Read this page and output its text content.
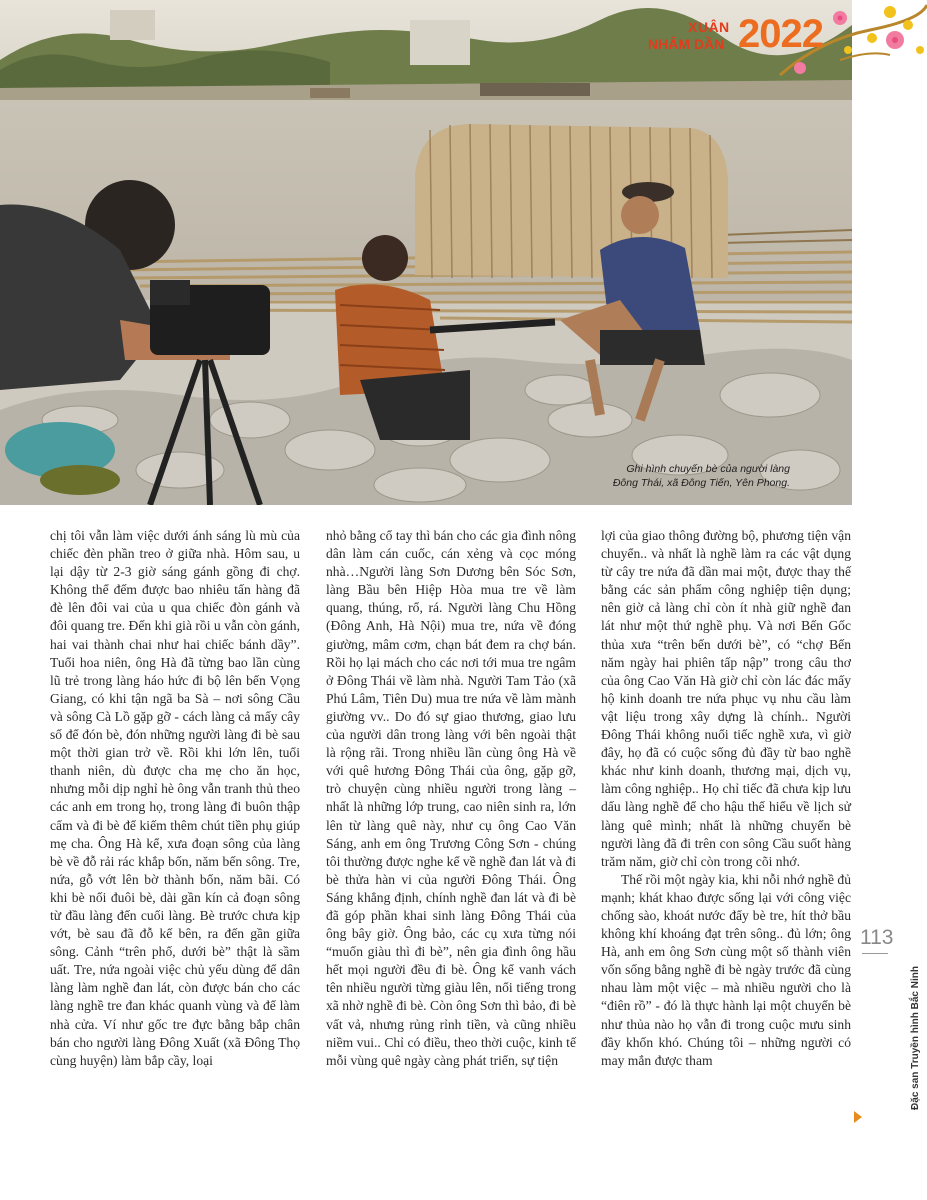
Ghi hình chuyến bè của người làng
Đông Thái, xã Đông Tiến, Yên Phong.
XUÂN
NHÂM DẦN 2022

chị tôi vẫn làm việc dưới ánh sáng lù mù của chiếc đèn phần treo ở giữa nhà. Hôm sau, u lại dậy từ 2-3 giờ sáng gánh gồng đi chợ. Không thể đếm được bao nhiêu tấn hàng đã đè lên đôi vai của u qua chiếc đòn gánh và đôi quang tre. Đến khi già rồi u vẫn còn gánh, hai vai thành chai như hai chiếc bánh dầy”. Tuổi hoa niên, ông Hà đã từng bao lần cùng lũ trẻ trong làng háo hức đi bộ lên bến Vọng Giang, có khi tận ngã ba Sà – nơi sông Cầu và sông Cà Lồ gặp gỡ - cách làng cả mấy cây số để đón bè, đón những người làng đi bè sau một thời gian trở về. Rồi khi lớn lên, tuổi thanh niên, dù được cha mẹ cho ăn học, nhưng mỗi dịp nghỉ hè ông vẫn tranh thủ theo các anh em trong họ, trong làng đi buôn thập cẩm và đi bè để kiếm thêm chút tiền phụ giúp mẹ cha. Ông Hà kể, xưa đoạn sông của làng bè về đỗ rải rác khắp bốn, năm bến sông. Tre, nứa, gỗ vớt lên bờ thành bốn, năm bãi. Có khi bè nối đuôi bè, dài gần kín cả đoạn sông từ đầu làng đến cuối làng. Bè trước chưa kịp vớt, bè sau đã đỗ kế bên, ra đến gần giữa sông. Cảnh “trên phố, dưới bè” thật là sầm uất. Tre, nứa ngoài việc chủ yếu dùng để dân làng làm nghề đan lát, còn được bán cho các làng nghề tre đan khác quanh vùng và để làm nhà cửa. Ví như gốc tre đực bằng bắp chân bán cho người làng Đông Xuất (xã Đông Thọ cùng huyện) làm bắp cầy, loại

nhỏ bằng cổ tay thì bán cho các gia đình nông dân làm cán cuốc, cán xẻng và cọc móng nhà…Người làng Sơn Dương bên Sóc Sơn, làng Bầu bên Hiệp Hòa mua tre về làm quang, thúng, rổ, rá. Người làng Chu Hồng (Đông Anh, Hà Nội) mua tre, nứa về đóng giường, mâm cơm, chạn bát đem ra chợ bán. Rồi họ lại mách cho các nơi tới mua tre ngâm ở Đông Thái về làm nhà. Người Tam Tảo (xã Phú Lâm, Tiên Du) mua tre nứa về làm mành giường vv.. Do đó sự giao thương, giao lưu của người dân trong làng với bên ngoài thật là rộng rãi. Trong nhiều lần cùng ông Hà về với quê hương Đông Thái của ông, gặp gỡ, trò chuyện cùng nhiều người trong làng – nhất là những lớp trung, cao niên sinh ra, lớn lên từ làng quê này, như cụ ông Cao Văn Sáng, anh em ông Trương Công Sơn - chúng tôi thường được nghe kể về nghề đan lát và đi bè thửa hàn vi của người Đông Thái. Ông Sáng khẳng định, chính nghề đan lát và đi bè đã góp phần khai sinh làng Đông Thái của ông bây giờ. Ông bảo, các cụ xưa từng nói “muốn giàu thì đi bè”, nên gia đình ông hầu hết mọi người đều đi bè. Ông kể vanh vách tên nhiều người từng giàu lên, nổi tiếng trong xã nhờ nghề đi bè. Còn ông Sơn thì bảo, đi bè vất vả, nhưng rủng rỉnh tiền, và cũng nhiều niềm vui.. Chỉ có điều, theo thời cuộc, kinh tế mỗi vùng quê ngày càng phát triển, sự tiện

lợi của giao thông đường bộ, phương tiện vận chuyển.. và nhất là nghề làm ra các vật dụng từ cây tre nứa đã dần mai một, được thay thế bằng các sản phẩm công nghiệp tiện dụng; nên giờ cả làng chỉ còn ít nhà giữ nghề đan lát như một thứ nghề phụ. Và nơi Bến Gốc thủa xưa “trên bến dưới bè”, có “chợ Bến năm ngày hai phiên tấp nập” trong câu thơ của ông Cao Văn Hà giờ chỉ còn lác đác mấy hộ kinh doanh tre nứa phục vụ nhu cầu làm vật liệu trong xây dựng là chính.. Người Đông Thái không nuối tiếc nghề xưa, vì giờ đây, họ đã có cuộc sống đủ đầy từ bao nghề khác như kinh doanh, thương mại, dịch vụ, làm công nghiệp.. Họ chỉ tiếc đã chưa kịp lưu dấu làng nghề để cho hậu thế hiểu về lịch sử làng quê mình; nhất là những chuyến bè người làng đã đi trên con sông Cầu suốt hàng trăm năm, giờ chỉ còn trong cõi nhớ.

Thế rồi một ngày kia, khi nỗi nhớ nghề đủ mạnh; khát khao được sống lại với công việc chống sào, khoát nước đẩy bè tre, hít thở bầu không khí khoáng đạt trên sông.. đủ lớn; ông Hà, anh em ông Sơn cùng một số thành viên vốn sống bằng nghề đi bè ngày trước đã cùng nhau làm một việc – mà nhiều người cho là “điên rồ” - đó là thực hành lại một chuyến bè như thủa nào họ vẫn đi trong cuộc mưu sinh đầy khốn khó. Chúng tôi – những người có may mắn được tham

113
Đặc san Truyền hình Bắc Ninh
